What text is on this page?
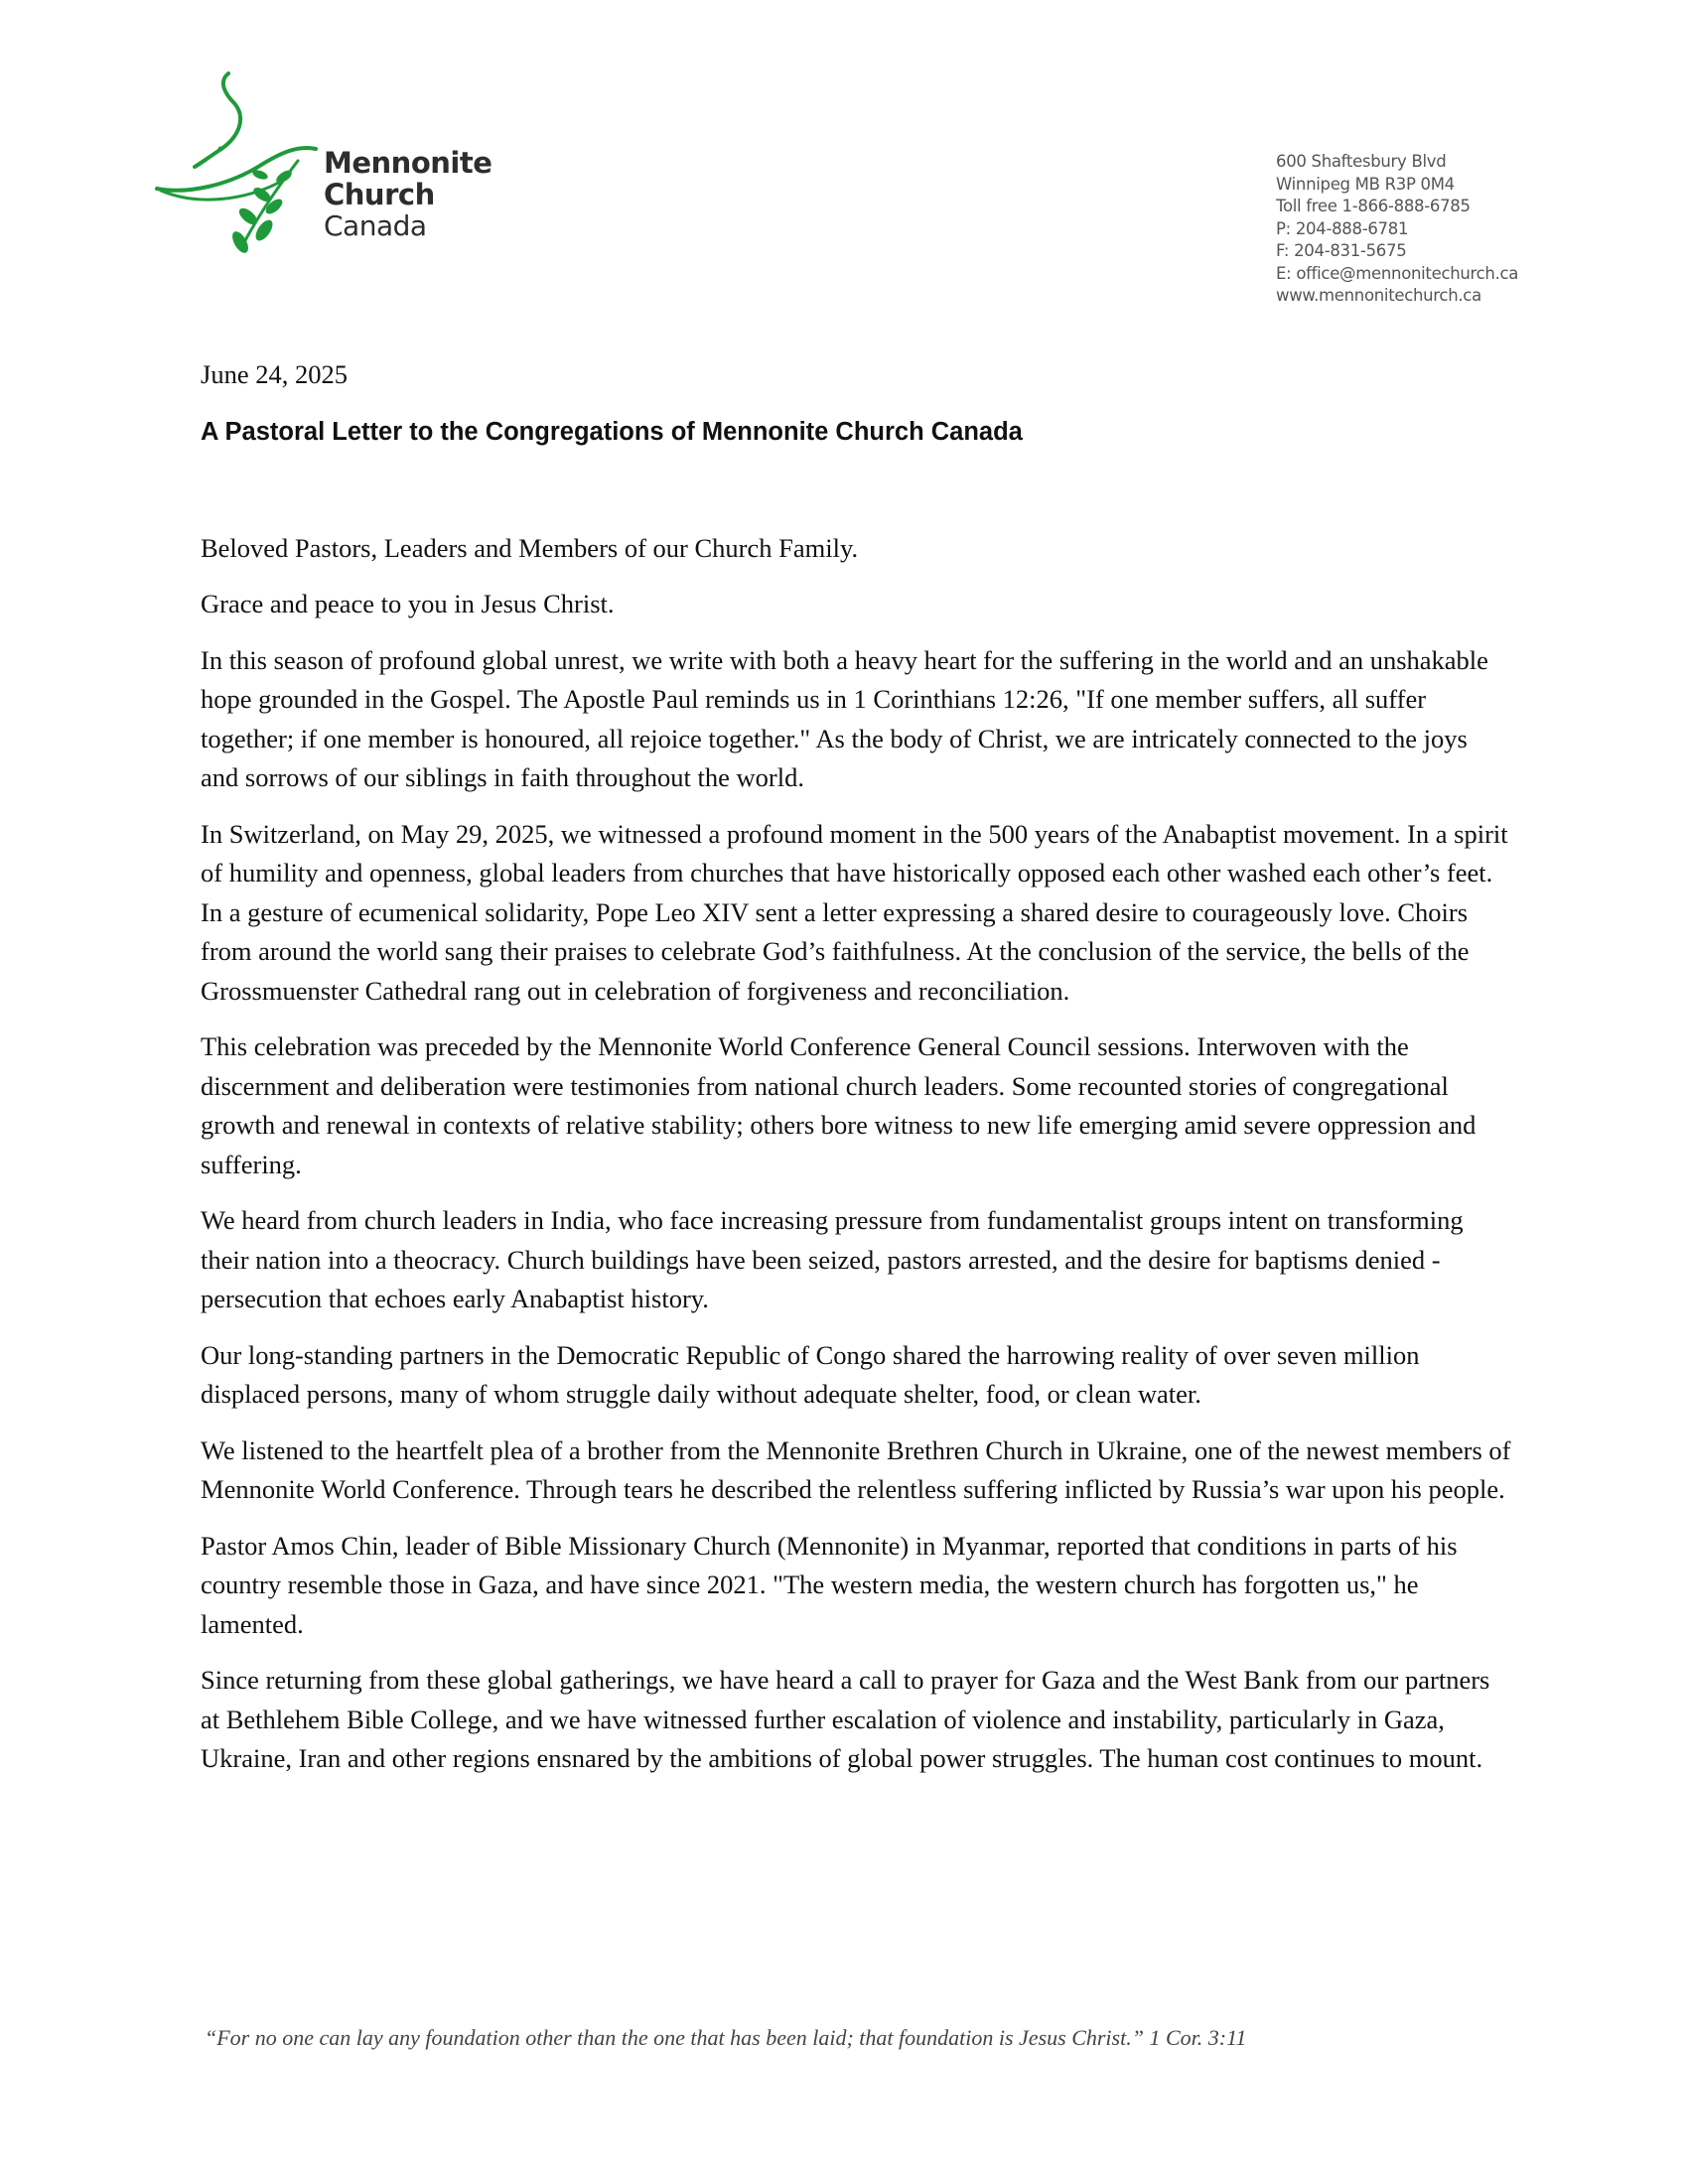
Mennonite
Church
Canada
600 Shaftesbury Blvd
Winnipeg MB R3P 0M4
Toll free 1-866-888-6785
P: 204-888-6781
F: 204-831-5675
E: office@mennonitechurch.ca
www.mennonitechurch.ca
June 24, 2025
A Pastoral Letter to the Congregations of Mennonite Church Canada

Beloved Pastors, Leaders and Members of our Church Family.

Grace and peace to you in Jesus Christ.

In this season of profound global unrest, we write with both a heavy heart for the suffering in the world and an unshakable hope grounded in the Gospel. The Apostle Paul reminds us in 1 Corinthians 12:26, "If one member suffers, all suffer together; if one member is honoured, all rejoice together." As the body of Christ, we are intricately connected to the joys and sorrows of our siblings in faith throughout the world.

In Switzerland, on May 29, 2025, we witnessed a profound moment in the 500 years of the Anabaptist movement. In a spirit of humility and openness, global leaders from churches that have historically opposed each other washed each other’s feet. In a gesture of ecumenical solidarity, Pope Leo XIV sent a letter expressing a shared desire to courageously love. Choirs from around the world sang their praises to celebrate God’s faithfulness. At the conclusion of the service, the bells of the Grossmuenster Cathedral rang out in celebration of forgiveness and reconciliation.

This celebration was preceded by the Mennonite World Conference General Council sessions. Interwoven with the discernment and deliberation were testimonies from national church leaders. Some recounted stories of congregational growth and renewal in contexts of relative stability; others bore witness to new life emerging amid severe oppression and suffering.

We heard from church leaders in India, who face increasing pressure from fundamentalist groups intent on transforming their nation into a theocracy. Church buildings have been seized, pastors arrested, and the desire for baptisms denied - persecution that echoes early Anabaptist history.

Our long-standing partners in the Democratic Republic of Congo shared the harrowing reality of over seven million displaced persons, many of whom struggle daily without adequate shelter, food, or clean water.

We listened to the heartfelt plea of a brother from the Mennonite Brethren Church in Ukraine, one of the newest members of Mennonite World Conference. Through tears he described the relentless suffering inflicted by Russia’s war upon his people.

Pastor Amos Chin, leader of Bible Missionary Church (Mennonite) in Myanmar, reported that conditions in parts of his country resemble those in Gaza, and have since 2021. "The western media, the western church has forgotten us," he lamented.

Since returning from these global gatherings, we have heard a call to prayer for Gaza and the West Bank from our partners at Bethlehem Bible College, and we have witnessed further escalation of violence and instability, particularly in Gaza, Ukraine, Iran and other regions ensnared by the ambitions of global power struggles. The human cost continues to mount.

“For no one can lay any foundation other than the one that has been laid; that foundation is Jesus Christ.” 1 Cor. 3:11
